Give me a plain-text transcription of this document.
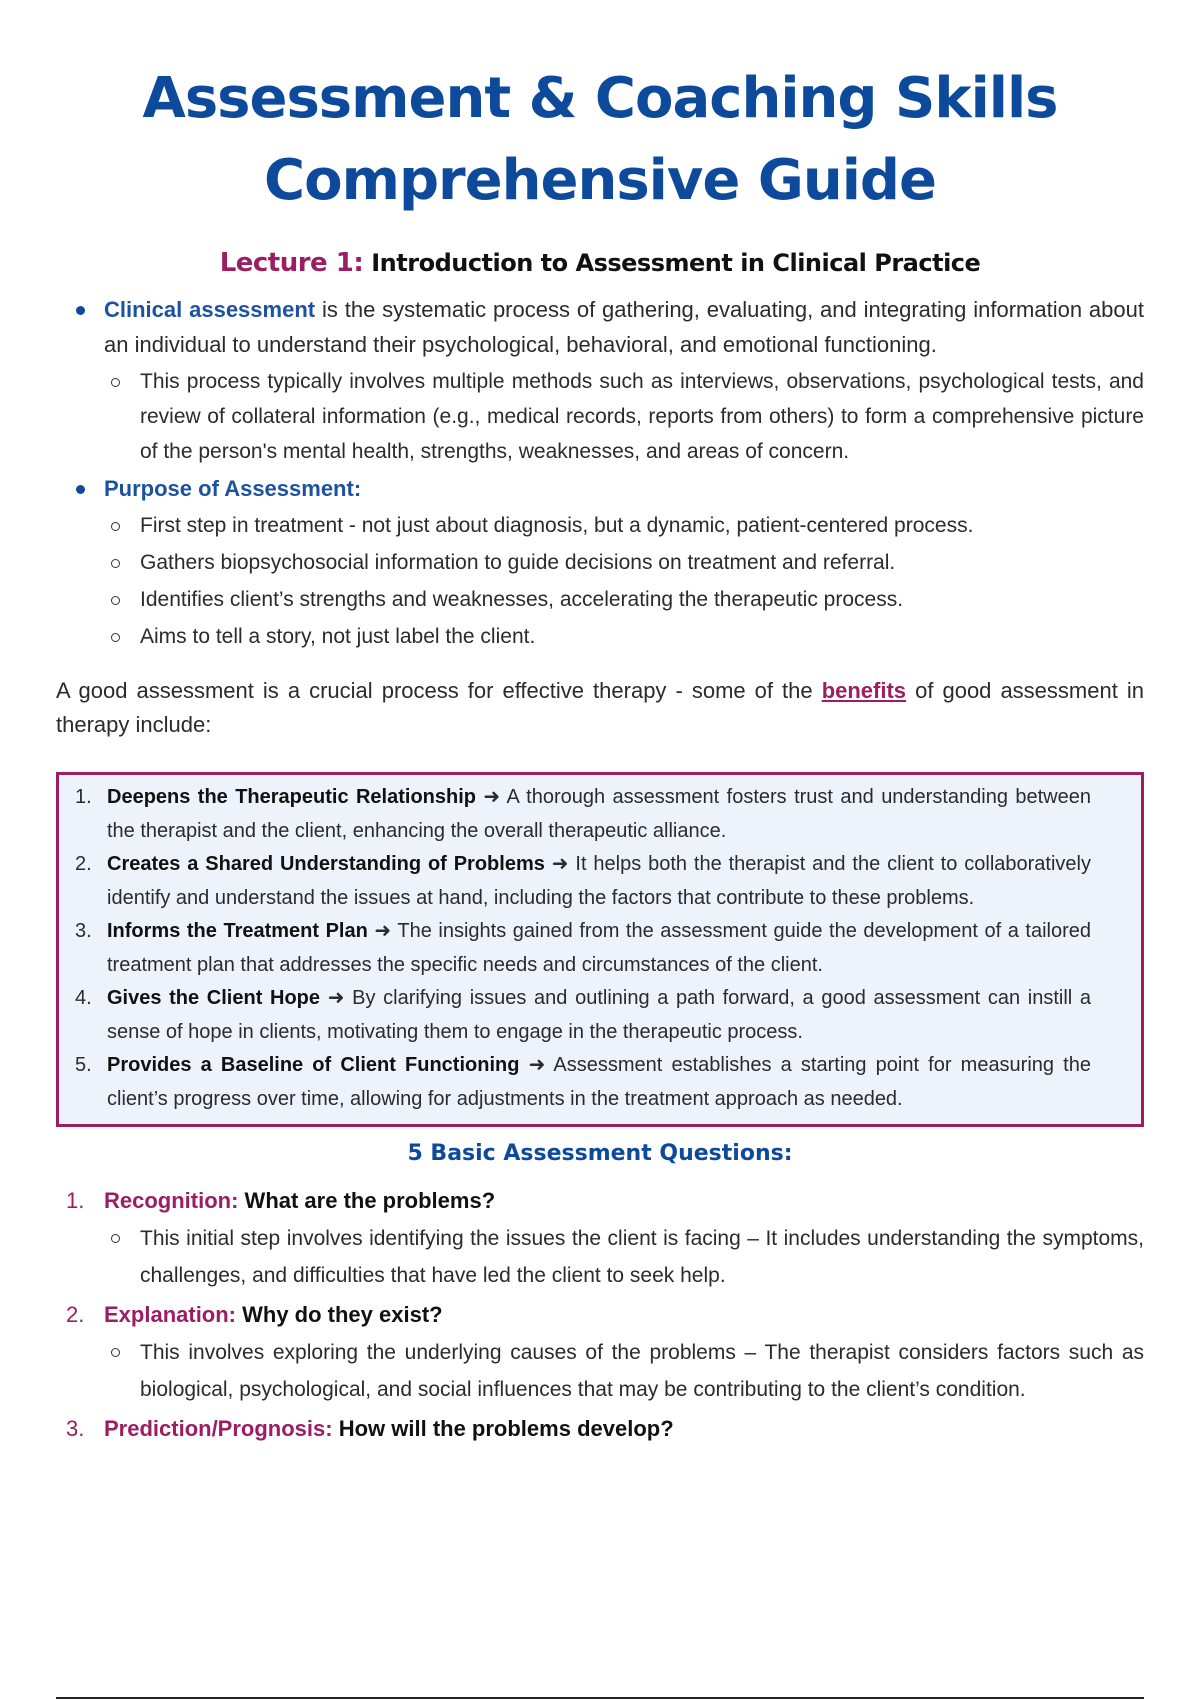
Assessment & Coaching Skills
Comprehensive Guide
Lecture 1: Introduction to Assessment in Clinical Practice
Clinical assessment is the systematic process of gathering, evaluating, and integrating information about an individual to understand their psychological, behavioral, and emotional functioning.
This process typically involves multiple methods such as interviews, observations, psychological tests, and review of collateral information (e.g., medical records, reports from others) to form a comprehensive picture of the person's mental health, strengths, weaknesses, and areas of concern.
Purpose of Assessment:
First step in treatment - not just about diagnosis, but a dynamic, patient-centered process.
Gathers biopsychosocial information to guide decisions on treatment and referral.
Identifies client’s strengths and weaknesses, accelerating the therapeutic process.
Aims to tell a story, not just label the client.
A good assessment is a crucial process for effective therapy - some of the benefits of good assessment in therapy include:
1. Deepens the Therapeutic Relationship ➜ A thorough assessment fosters trust and understanding between the therapist and the client, enhancing the overall therapeutic alliance.
2. Creates a Shared Understanding of Problems ➜ It helps both the therapist and the client to collaboratively identify and understand the issues at hand, including the factors that contribute to these problems.
3. Informs the Treatment Plan ➜ The insights gained from the assessment guide the development of a tailored treatment plan that addresses the specific needs and circumstances of the client.
4. Gives the Client Hope ➜ By clarifying issues and outlining a path forward, a good assessment can instill a sense of hope in clients, motivating them to engage in the therapeutic process.
5. Provides a Baseline of Client Functioning ➜ Assessment establishes a starting point for measuring the client’s progress over time, allowing for adjustments in the treatment approach as needed.
5 Basic Assessment Questions:
1. Recognition: What are the problems?
This initial step involves identifying the issues the client is facing – It includes understanding the symptoms, challenges, and difficulties that have led the client to seek help.
2. Explanation: Why do they exist?
This involves exploring the underlying causes of the problems – The therapist considers factors such as biological, psychological, and social influences that may be contributing to the client’s condition.
3. Prediction/Prognosis: How will the problems develop?
